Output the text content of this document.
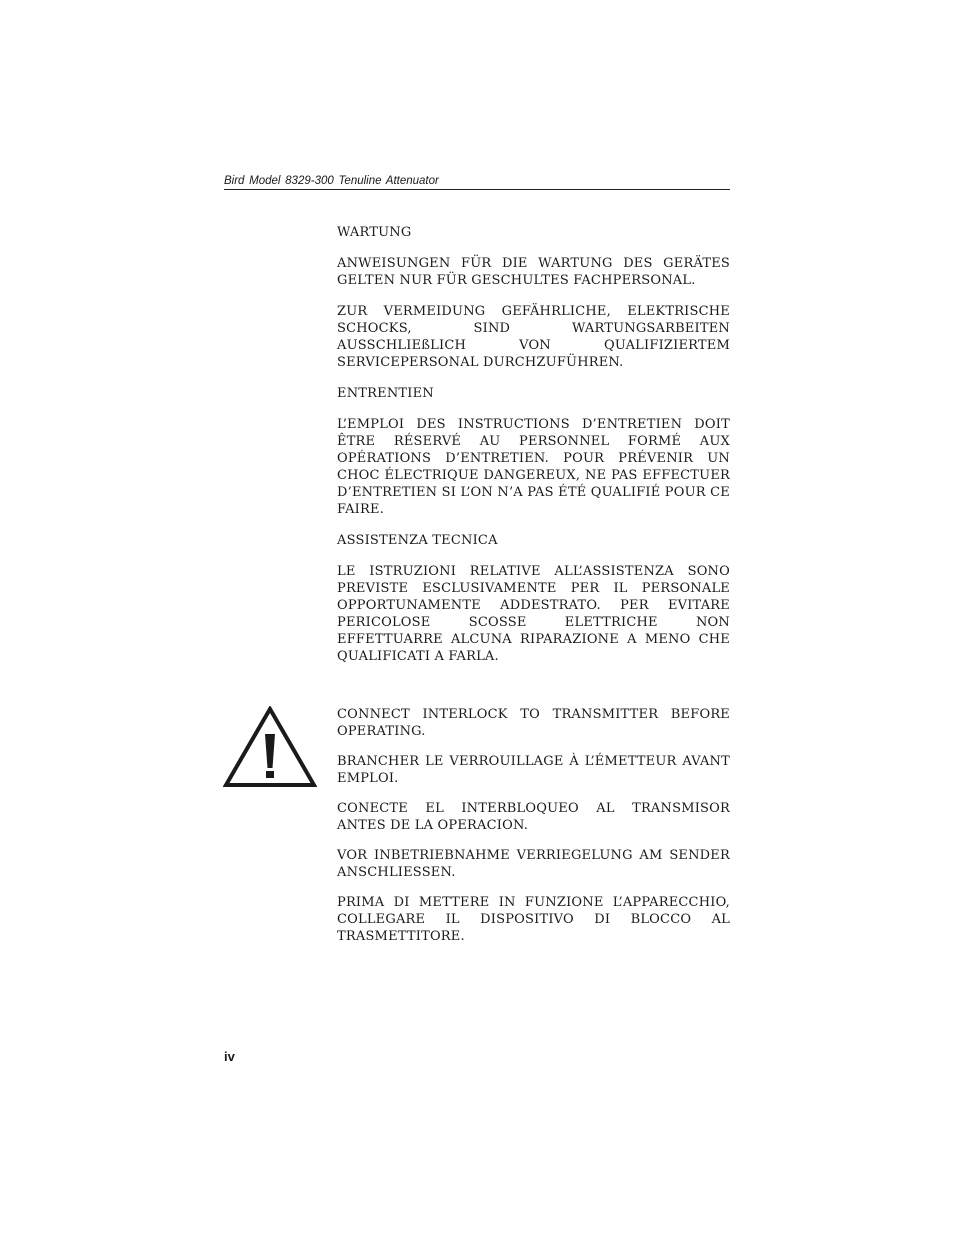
Bird Model 8329-300 Tenuline Attenuator

WARTUNG

ANWEISUNGEN FÜR DIE WARTUNG DES GERÄTES GELTEN NUR FÜR GESCHULTES FACHPERSONAL.

ZUR VERMEIDUNG GEFÄHRLICHE, ELEKTRISCHE SCHOCKS, SIND WARTUNGSARBEITEN AUSSCHLIEßLICH VON QUALIFIZIERTEM SERVICEPERSONAL DURCHZUFÜHREN.

ENTRENTIEN

L’EMPLOI DES INSTRUCTIONS D’ENTRETIEN DOIT ÊTRE RÉSERVÉ AU PERSONNEL FORMÉ AUX OPÉRATIONS D’ENTRETIEN. POUR PRÉVENIR UN CHOC ÉLECTRIQUE DANGEREUX, NE PAS EFFECTUER D’ENTRETIEN SI L’ON N’A PAS ÉTÉ QUALIFIÉ POUR CE FAIRE.

ASSISTENZA TECNICA

LE ISTRUZIONI RELATIVE ALL’ASSISTENZA SONO PREVISTE ESCLUSIVAMENTE PER IL PERSONALE OPPORTUNAMENTE ADDESTRATO. PER EVITARE PERICOLOSE SCOSSE ELETTRICHE NON EFFETTUARRE ALCUNA RIPARAZIONE A MENO CHE QUALIFICATI A FARLA.

CONNECT INTERLOCK TO TRANSMITTER BEFORE OPERATING.

BRANCHER LE VERROUILLAGE À L’ÉMETTEUR AVANT EMPLOI.

CONECTE EL INTERBLOQUEO AL TRANSMISOR ANTES DE LA OPERACION.

VOR INBETRIEBNAHME VERRIEGELUNG AM SENDER ANSCHLIESSEN.

PRIMA DI METTERE IN FUNZIONE L’APPARECCHIO, COLLEGARE IL DISPOSITIVO DI BLOCCO AL TRASMETTITORE.

iv
